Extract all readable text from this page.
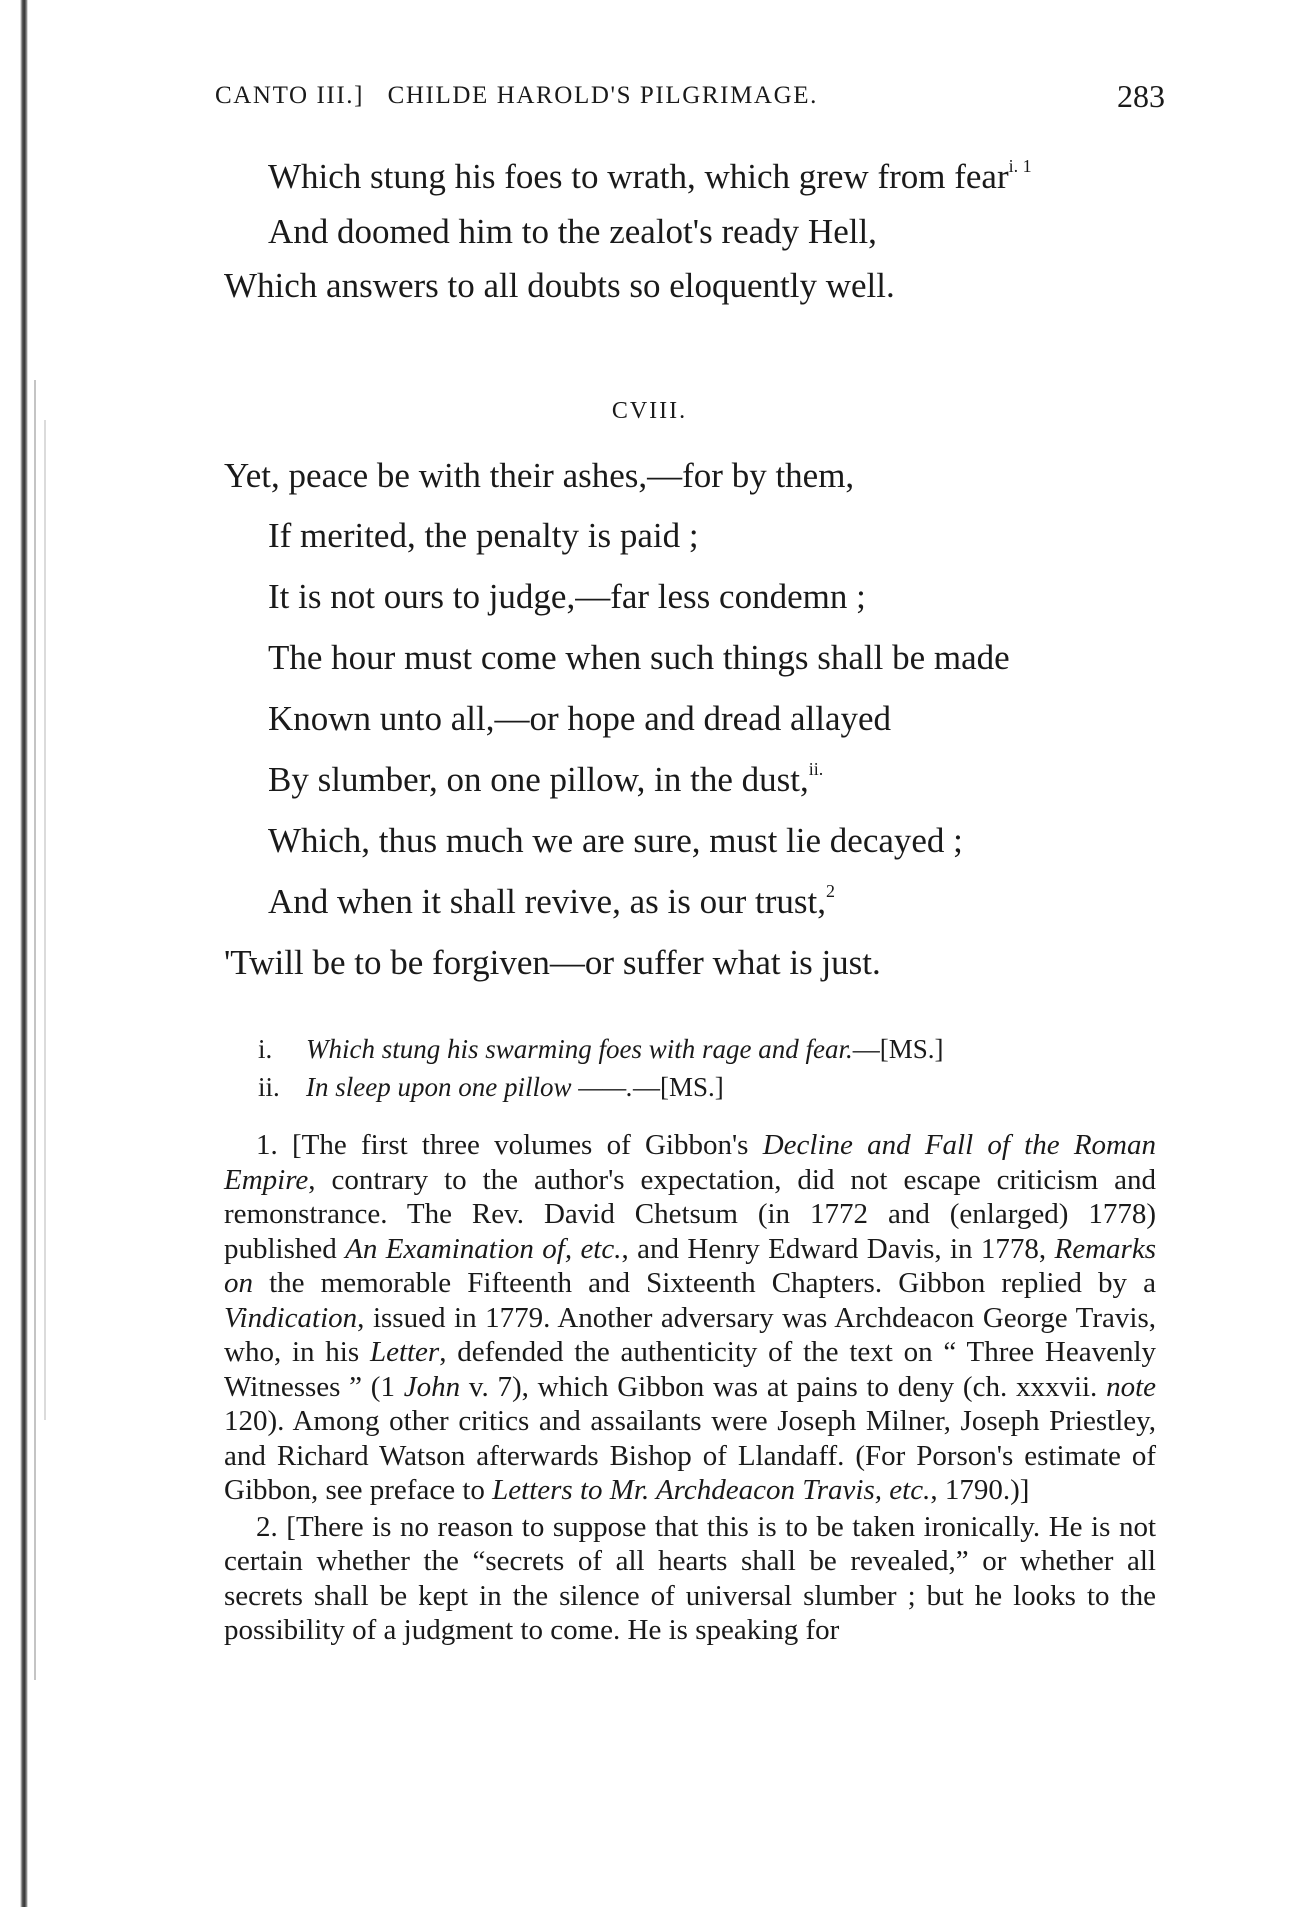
CANTO III.]   CHILDE HAROLD'S PILGRIMAGE.	283
Which stung his foes to wrath, which grew from fear$^{i. 1}$
And doomed him to the zealot's ready Hell,
Which answers to all doubts so eloquently well.
CVIII.
Yet, peace be with their ashes,—for by them,
If merited, the penalty is paid ;
It is not ours to judge,—far less condemn ;
The hour must come when such things shall be made
Known unto all,—or hope and dread allayed
By slumber, on one pillow, in the dust,$^{ii.}$
Which, thus much we are sure, must lie decayed ;
And when it shall revive, as is our trust,$^2$
'Twill be to be forgiven—or suffer what is just.
i. Which stung his swarming foes with rage and fear.—[MS.]
ii. In sleep upon one pillow ——.—[MS.]

1. [The first three volumes of Gibbon's Decline and Fall of the Roman Empire, contrary to the author's expectation, did not escape criticism and remonstrance. The Rev. David Chetsum (in 1772 and (enlarged) 1778) published An Examination of, etc., and Henry Edward Davis, in 1778, Remarks on the memorable Fifteenth and Sixteenth Chapters. Gibbon replied by a Vindication, issued in 1779. Another adversary was Archdeacon George Travis, who, in his Letter, defended the authenticity of the text on “ Three Heavenly Witnesses ” (1 John v. 7), which Gibbon was at pains to deny (ch. xxxvii. note 120). Among other critics and assailants were Joseph Milner, Joseph Priestley, and Richard Watson afterwards Bishop of Llandaff. (For Porson's estimate of Gibbon, see preface to Letters to Mr. Archdeacon Travis, etc., 1790.)]

2. [There is no reason to suppose that this is to be taken ironically. He is not certain whether the “secrets of all hearts shall be revealed,” or whether all secrets shall be kept in the silence of universal slumber ; but he looks to the possibility of a judgment to come. He is speaking for
